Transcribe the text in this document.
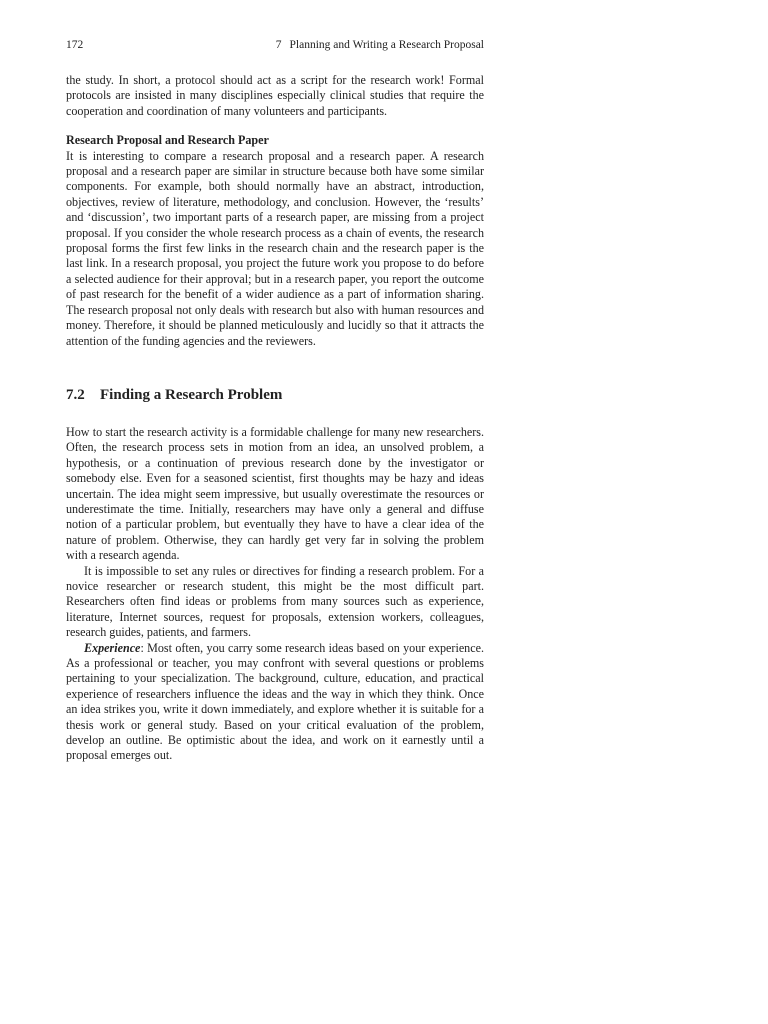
172	7 Planning and Writing a Research Proposal

the study. In short, a protocol should act as a script for the research work! Formal protocols are insisted in many disciplines especially clinical studies that require the cooperation and coordination of many volunteers and participants.

Research Proposal and Research Paper

It is interesting to compare a research proposal and a research paper. A research proposal and a research paper are similar in structure because both have some similar components. For example, both should normally have an abstract, introduction, objectives, review of literature, methodology, and conclusion. However, the ‘results’ and ‘discussion’, two important parts of a research paper, are missing from a project proposal. If you consider the whole research process as a chain of events, the research proposal forms the first few links in the research chain and the research paper is the last link. In a research proposal, you project the future work you propose to do before a selected audience for their approval; but in a research paper, you report the outcome of past research for the benefit of a wider audience as a part of information sharing. The research proposal not only deals with research but also with human resources and money. Therefore, it should be planned meticulously and lucidly so that it attracts the attention of the funding agencies and the reviewers.

7.2	Finding a Research Problem

How to start the research activity is a formidable challenge for many new researchers. Often, the research process sets in motion from an idea, an unsolved problem, a hypothesis, or a continuation of previous research done by the investigator or somebody else. Even for a seasoned scientist, first thoughts may be hazy and ideas uncertain. The idea might seem impressive, but usually overestimate the resources or underestimate the time. Initially, researchers may have only a general and diffuse notion of a particular problem, but eventually they have to have a clear idea of the nature of problem. Otherwise, they can hardly get very far in solving the problem with a research agenda.

It is impossible to set any rules or directives for finding a research problem. For a novice researcher or research student, this might be the most difficult part. Researchers often find ideas or problems from many sources such as experience, literature, Internet sources, request for proposals, extension workers, colleagues, research guides, patients, and farmers.

Experience: Most often, you carry some research ideas based on your experience. As a professional or teacher, you may confront with several questions or problems pertaining to your specialization. The background, culture, education, and practical experience of researchers influence the ideas and the way in which they think. Once an idea strikes you, write it down immediately, and explore whether it is suitable for a thesis work or general study. Based on your critical evaluation of the problem, develop an outline. Be optimistic about the idea, and work on it earnestly until a proposal emerges out.
